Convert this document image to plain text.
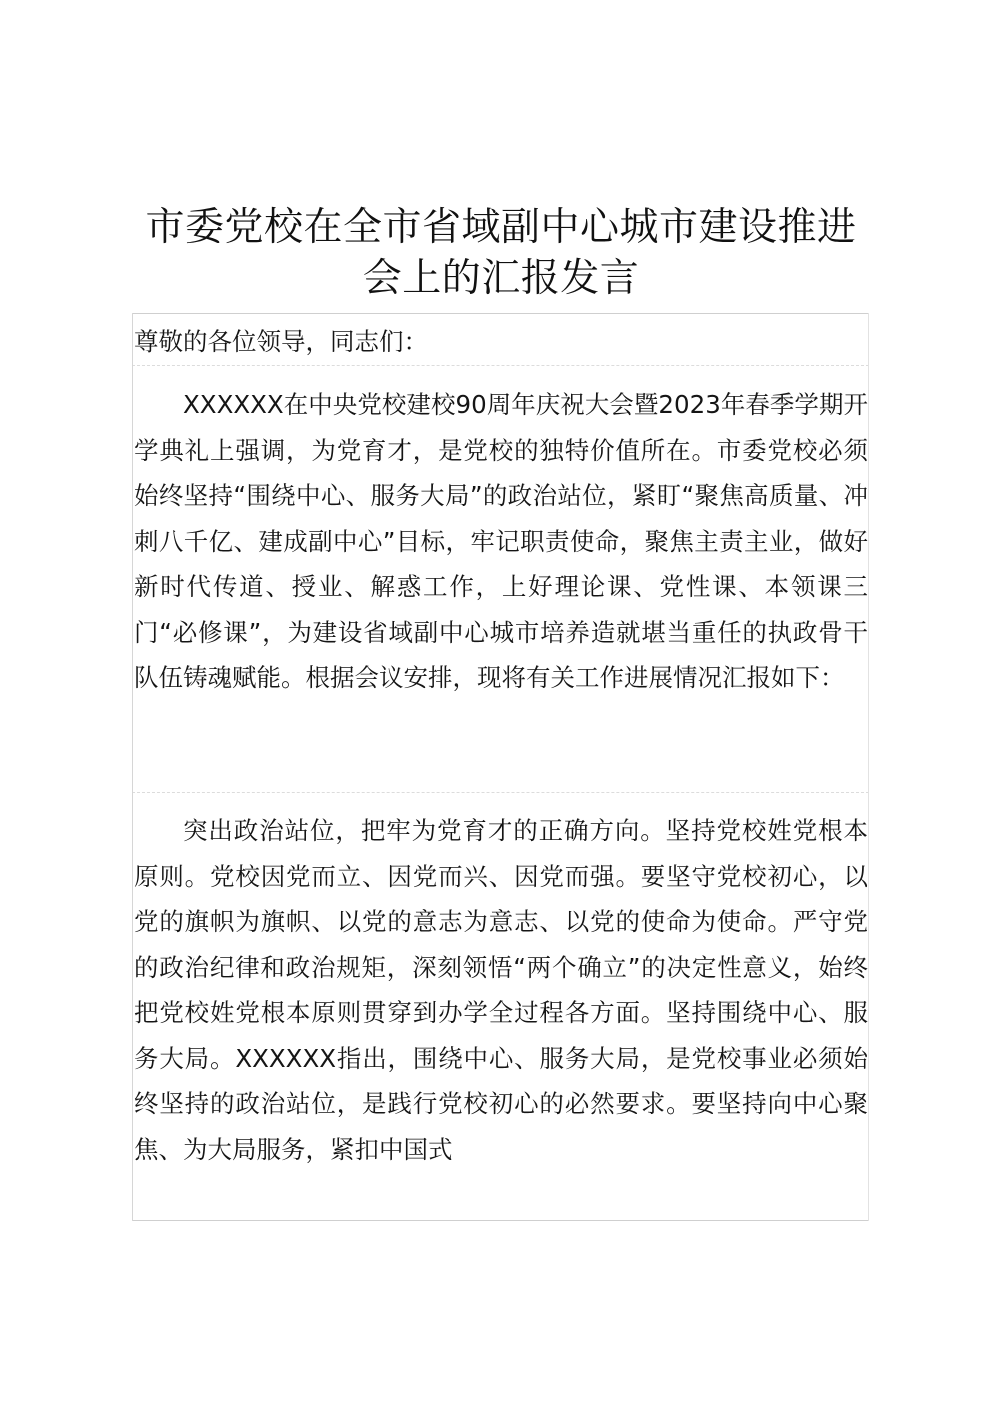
市委党校在全市省域副中心城市建设推进会上的汇报发言

尊敬的各位领导，同志们：

XXXXXX在中央党校建校90周年庆祝大会暨2023年春季学期开学典礼上强调，为党育才，是党校的独特价值所在。市委党校必须始终坚持“围绕中心、服务大局”的政治站位，紧盯“聚焦高质量、冲刺八千亿、建成副中心”目标，牢记职责使命，聚焦主责主业，做好新时代传道、授业、解惑工作，上好理论课、党性课、本领课三门“必修课”，为建设省域副中心城市培养造就堪当重任的执政骨干队伍铸魂赋能。根据会议安排，现将有关工作进展情况汇报如下：

突出政治站位，把牢为党育才的正确方向。坚持党校姓党根本原则。党校因党而立、因党而兴、因党而强。要坚守党校初心，以党的旗帜为旗帜、以党的意志为意志、以党的使命为使命。严守党的政治纪律和政治规矩，深刻领悟“两个确立”的决定性意义，始终把党校姓党根本原则贯穿到办学全过程各方面。坚持围绕中心、服务大局。XXXXXX指出，围绕中心、服务大局，是党校事业必须始终坚持的政治站位，是践行党校初心的必然要求。要坚持向中心聚焦、为大局服务，紧扣中国式
